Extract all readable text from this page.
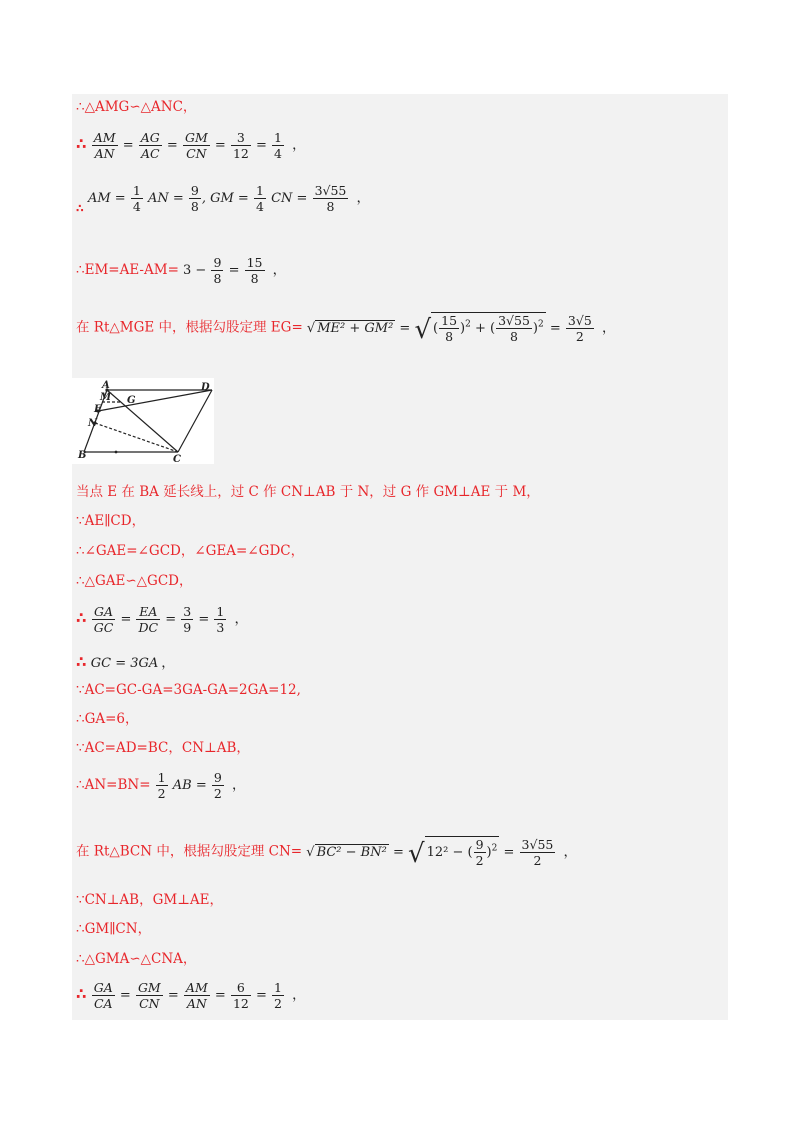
∴△AMG∽△ANC，
∴ $\frac{AM}{AN} = \frac{AG}{AC} = \frac{GM}{CN} = \frac{3}{12} = \frac{1}{4}$ ，
$_\therefore$ AM = $\frac{1}{4}$ AN = $\frac{9}{8}$ , GM = $\frac{1}{4}$ CN = $\frac{3√55}{8}$ ，
∴EM=AE-AM= $3 - \frac{9}{8} = \frac{15}{8}$ ，
在 Rt△MGE 中，根据勾股定理 EG= √ ME² + GM² = √ ( $\frac{15}{8} )^2$ + ( $\frac{3√55}{8} )^2 = \frac{3√5}{2}$ ，
A
M G
D
E
N
B	C
当点 E 在 BA 延长线上，过 C 作 CN⊥AB 于 N，过 G 作 GM⊥AE 于 M，
∵AE∥CD，
∴∠GAE=∠GCD，∠GEA=∠GDC，
∴△GAE∽△GCD，
∴ $\frac{GA}{GC} = \frac{EA}{DC} = \frac{3}{9} = \frac{1}{3}$ ，
∴ GC = 3GA ，
∵AC=GC-GA=3GA-GA=2GA=12,
∴GA=6，
∵AC=AD=BC，CN⊥AB，
∴AN=BN= $\frac{1}{2}$ AB = $\frac{9}{2}$ ，
在 Rt△BCN 中，根据勾股定理 CN= √ BC² − BN² = √ 12² − ( $\frac{9}{2} )^2 = \frac{3√55}{2}$ ，
∵CN⊥AB，GM⊥AE，
∴GM∥CN，
∴△GMA∽△CNA，
∴ $\frac{GA}{CA} = \frac{GM}{CN} = \frac{AM}{AN} = \frac{6}{12} = \frac{1}{2}$ ，
